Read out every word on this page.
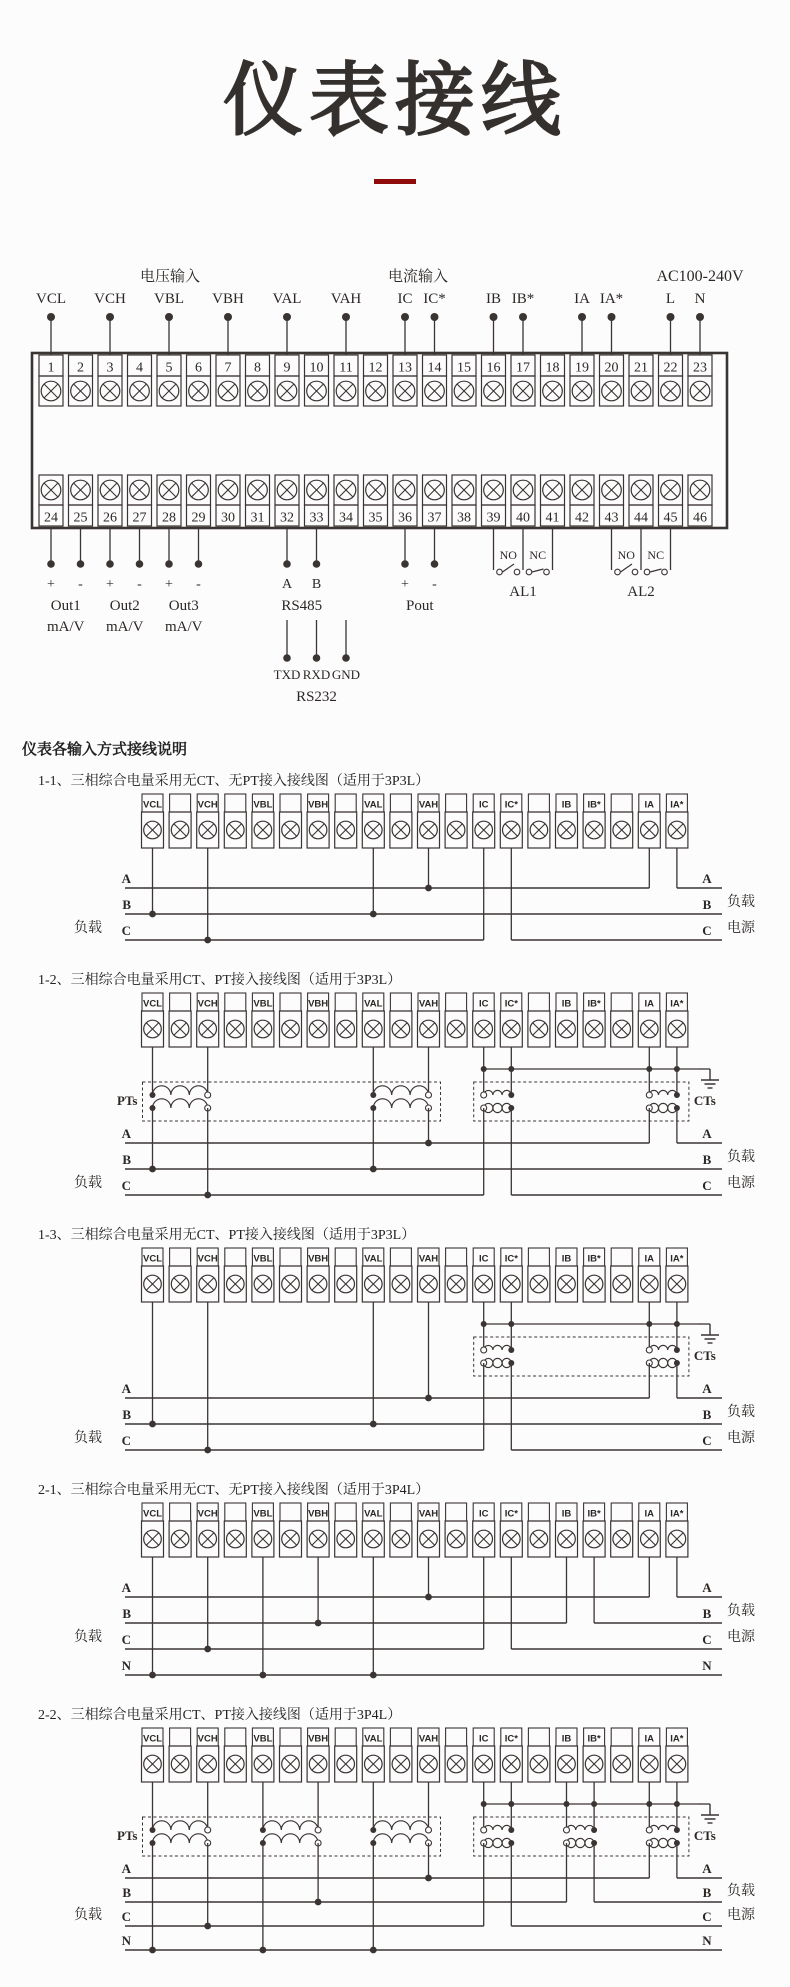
仪表接线
电压输入	电流输入	AC100-240V
VCL VCH VBL VBH VAL VAH IC IC*	IB IB*	IA IA*	L N
1 2 3 4 5 6 7 8 9 10 11 12 13 14 15 16 17 18 19 20 21 22 23
24 25 26 27 28 29 30 31 32 33 34 35 36 37 38 39 40 41 42 43 44 45 46
+ -
Out1
mA/V
+ -
Out2
mA/V
+ -
Out3
mA/V
A B
RS485
+ -
Pout
NO NC
AL1
NO NC
AL2
TXD RXD GND
RS232
仪表各输入方式接线说明
1-1、三相综合电量采用无CT、无PT接入接线图（适用于3P3L）
VCL	VCH	VBL	VBH	VAL	VAH	IC IC*	IB IB*	IA IA*
A	A
B	B
C	C
负载
负载
电源
1-2、三相综合电量采用CT、PT接入接线图（适用于3P3L）
VCL	VCH	VBL	VBH	VAL	VAH	IC IC*	IB IB*	IA IA*
A	A
B	B
C	C
负载
负载
电源
CTs
PTs
1-3、三相综合电量采用无CT、PT接入接线图（适用于3P3L）
VCL	VCH	VBL	VBH	VAL	VAH	IC IC*	IB IB*	IA IA*
A	A
B	B
C	C
负载
负载
电源
CTs
2-1、三相综合电量采用无CT、无PT接入接线图（适用于3P4L）
VCL	VCH	VBL	VBH	VAL	VAH	IC IC*	IB IB*	IA IA*
A	A
B	B
C	C
N	N
负载
负载
电源
2-2、三相综合电量采用CT、PT接入接线图（适用于3P4L）
VCL	VCH	VBL	VBH	VAL	VAH	IC IC*	IB IB*	IA IA*
A	A
B	B
C	C
N	N
负载
负载
电源
CTs
PTs
